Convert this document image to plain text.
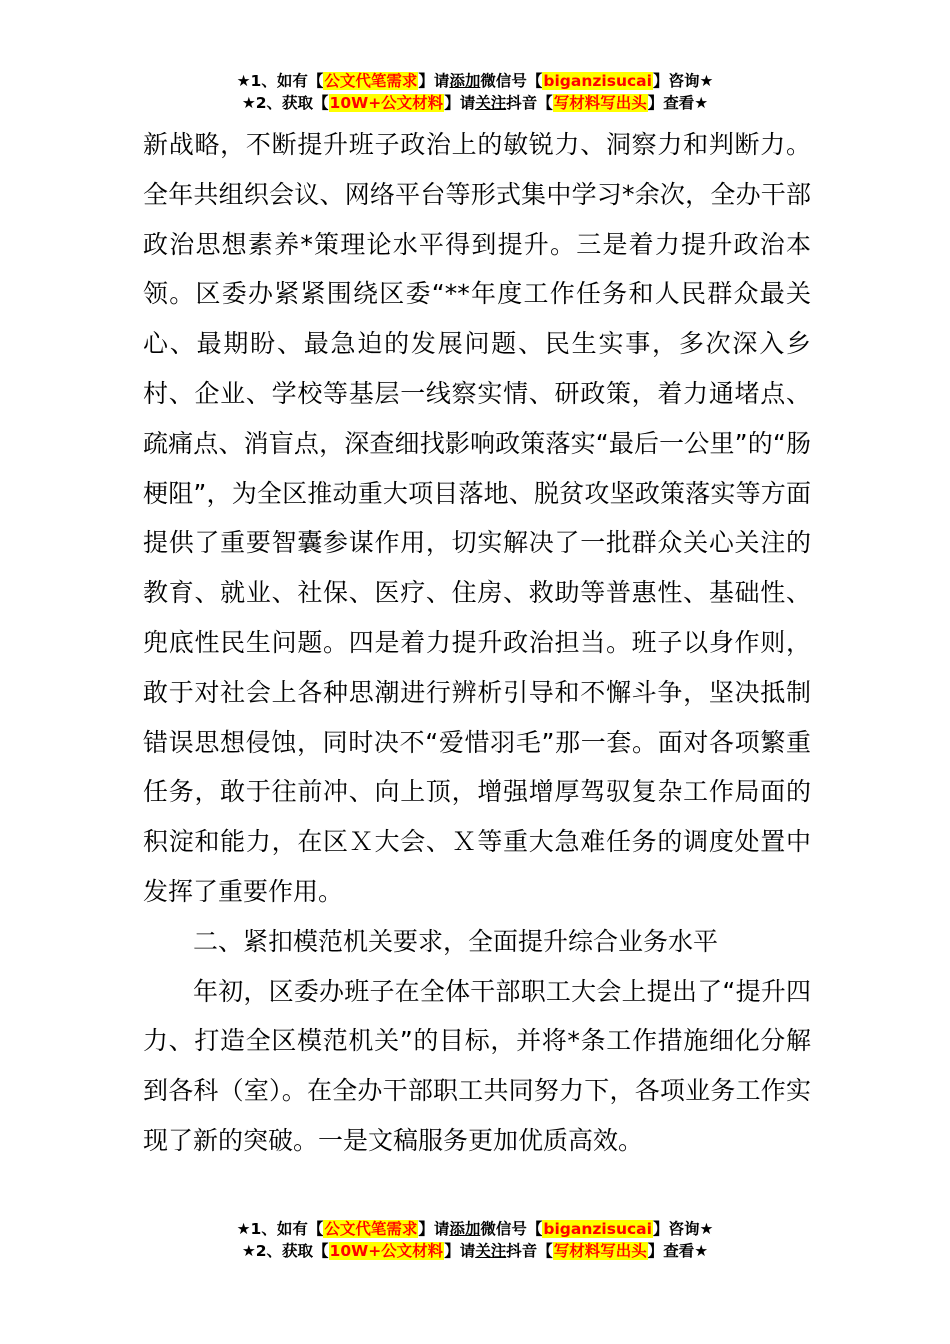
★1、如有【公文代笔需求】请添加微信号【biganzisucai】咨询★
★2、获取【10W+公文材料】请关注抖音【写材料写出头】查看★

新战略，不断提升班子政治上的敏锐力、洞察力和判断力。全年共组织会议、网络平台等形式集中学习*余次，全办干部政治思想素养*策理论水平得到提升。三是着力提升政治本领。区委办紧紧围绕区委“**年度工作任务和人民群众最关心、最期盼、最急迫的发展问题、民生实事，多次深入乡村、企业、学校等基层一线察实情、研政策，着力通堵点、疏痛点、消盲点，深查细找影响政策落实“最后一公里”的“肠梗阻”，为全区推动重大项目落地、脱贫攻坚政策落实等方面提供了重要智囊参谋作用，切实解决了一批群众关心关注的教育、就业、社保、医疗、住房、救助等普惠性、基础性、兜底性民生问题。四是着力提升政治担当。班子以身作则，敢于对社会上各种思潮进行辨析引导和不懈斗争，坚决抵制错误思想侵蚀，同时决不“爱惜羽毛”那一套。面对各项繁重任务，敢于往前冲、向上顶，增强增厚驾驭复杂工作局面的积淀和能力，在区Ｘ大会、Ｘ等重大急难任务的调度处置中发挥了重要作用。

二、紧扣模范机关要求，全面提升综合业务水平

年初，区委办班子在全体干部职工大会上提出了“提升四力、打造全区模范机关”的目标，并将*条工作措施细化分解到各科（室）。在全办干部职工共同努力下，各项业务工作实现了新的突破。一是文稿服务更加优质高效。

★1、如有【公文代笔需求】请添加微信号【biganzisucai】咨询★
★2、获取【10W+公文材料】请关注抖音【写材料写出头】查看★
